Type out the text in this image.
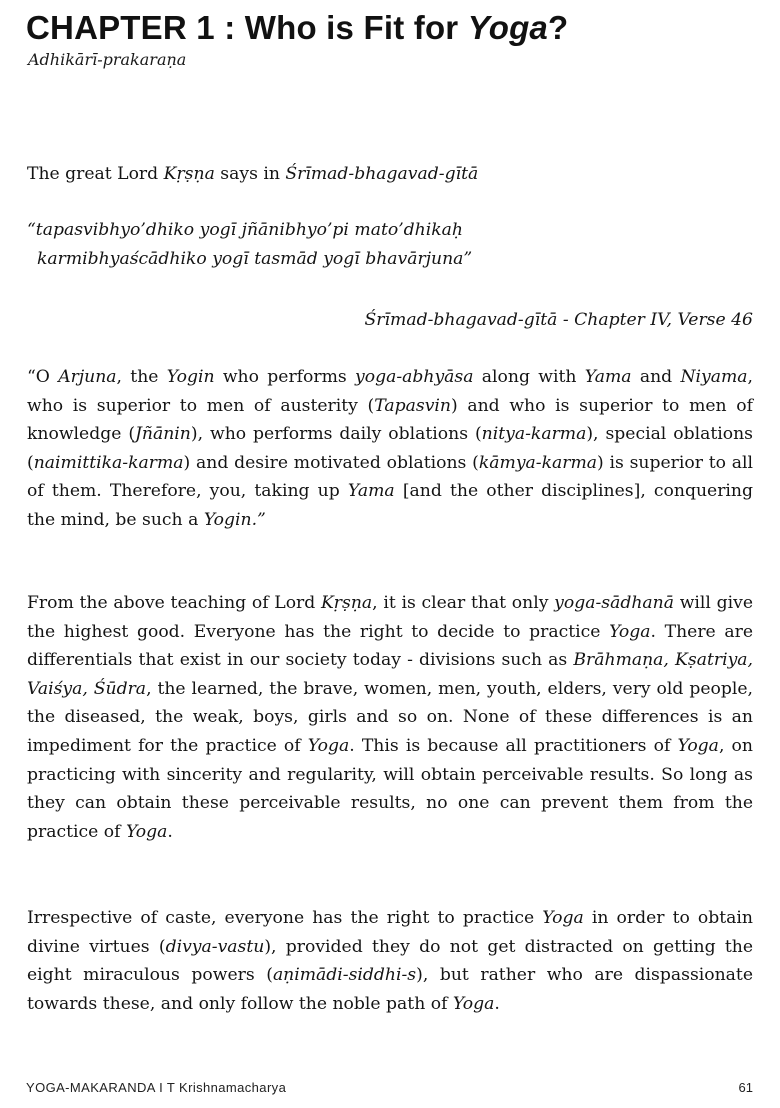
CHAPTER 1 : Who is Fit for Yoga?
Adhikārī-prakaraṇa

The great Lord Kṛṣṇa says in Śrīmad-bhagavad-gītā

“tapasvibhyo’dhiko yogī jñānibhyo’pi mato’dhikaḥ
karmibhyaścādhiko yogī tasmād yogī bhavārjuna”
Śrīmad-bhagavad-gītā - Chapter IV, Verse 46

“O Arjuna, the Yogin who performs yoga-abhyāsa along with Yama and Niyama, who is superior to men of austerity (Tapasvin) and who is superior to men of knowledge (Jñānin), who performs daily oblations (nitya-karma), special oblations (naimittika-karma) and desire motivated oblations (kāmya-karma) is superior to all of them. Therefore, you, taking up Yama [and the other disciplines], conquering the mind, be such a Yogin.”

From the above teaching of Lord Kṛṣṇa, it is clear that only yoga-sādhanā will give the highest good. Everyone has the right to decide to practice Yoga. There are differentials that exist in our society today - divisions such as Brāhmaṇa, Kṣatriya, Vaiśya, Śūdra, the learned, the brave, women, men, youth, elders, very old people, the diseased, the weak, boys, girls and so on. None of these differences is an impediment for the practice of Yoga. This is because all practitioners of Yoga, on practicing with sincerity and regularity, will obtain perceivable results. So long as they can obtain these perceivable results, no one can prevent them from the practice of Yoga.

Irrespective of caste, everyone has the right to practice Yoga in order to obtain divine virtues (divya-vastu), provided they do not get distracted on getting the eight miraculous powers (aṇimādi-siddhi-s), but rather who are dispassionate towards these, and only follow the noble path of Yoga.

YOGA-MAKARANDA I T Krishnamacharya	61
